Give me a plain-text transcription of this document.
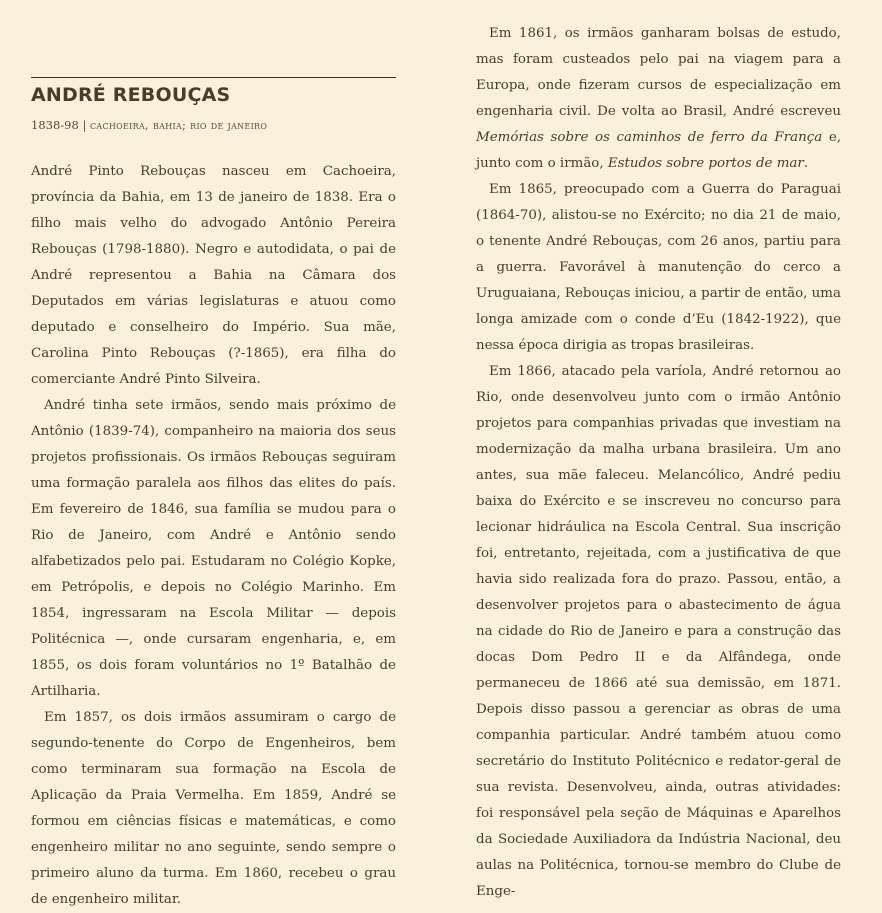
ANDRÉ REBOUÇAS
1838-98 | cachoeira, bahia; rio de janeiro

André Pinto Rebouças nasceu em Cachoeira, província da Bahia, em 13 de janeiro de 1838. Era o filho mais velho do advogado Antônio Pereira Rebouças (1798-1880). Negro e autodidata, o pai de André representou a Bahia na Câmara dos Deputados em várias legislaturas e atuou como deputado e conselheiro do Império. Sua mãe, Carolina Pinto Rebouças (?-1865), era filha do comerciante André Pinto Silveira.

André tinha sete irmãos, sendo mais próximo de Antônio (1839-74), companheiro na maioria dos seus projetos profissionais. Os irmãos Rebouças seguiram uma formação paralela aos filhos das elites do país. Em fevereiro de 1846, sua família se mudou para o Rio de Janeiro, com André e Antônio sendo alfabetizados pelo pai. Estudaram no Colégio Kopke, em Petrópolis, e depois no Colégio Marinho. Em 1854, ingressaram na Escola Militar — depois Politécnica —, onde cursaram engenharia, e, em 1855, os dois foram voluntários no 1º Batalhão de Artilharia.

Em 1857, os dois irmãos assumiram o cargo de segundo-tenente do Corpo de Engenheiros, bem como terminaram sua formação na Escola de Aplicação da Praia Vermelha. Em 1859, André se formou em ciências físicas e matemáticas, e como engenheiro militar no ano seguinte, sendo sempre o primeiro aluno da turma. Em 1860, recebeu o grau de engenheiro militar.

Em 1861, os irmãos ganharam bolsas de estudo, mas foram custeados pelo pai na viagem para a Europa, onde fizeram cursos de especialização em engenharia civil. De volta ao Brasil, André escreveu Memórias sobre os caminhos de ferro da França e, junto com o irmão, Estudos sobre portos de mar.

Em 1865, preocupado com a Guerra do Paraguai (1864-70), alistou-se no Exército; no dia 21 de maio, o tenente André Rebouças, com 26 anos, partiu para a guerra. Favorável à manutenção do cerco a Uruguaiana, Rebouças iniciou, a partir de então, uma longa amizade com o conde d’Eu (1842-1922), que nessa época dirigia as tropas brasileiras.

Em 1866, atacado pela varíola, André retornou ao Rio, onde desenvolveu junto com o irmão Antônio projetos para companhias privadas que investiam na modernização da malha urbana brasileira. Um ano antes, sua mãe faleceu. Melancólico, André pediu baixa do Exército e se inscreveu no concurso para lecionar hidráulica na Escola Central. Sua inscrição foi, entretanto, rejeitada, com a justificativa de que havia sido realizada fora do prazo. Passou, então, a desenvolver projetos para o abastecimento de água na cidade do Rio de Janeiro e para a construção das docas Dom Pedro II e da Alfândega, onde permaneceu de 1866 até sua demissão, em 1871. Depois disso passou a gerenciar as obras de uma companhia particular. André também atuou como secretário do Instituto Politécnico e redator-geral de sua revista. Desenvolveu, ainda, outras atividades: foi responsável pela seção de Máquinas e Aparelhos da Sociedade Auxiliadora da Indústria Nacional, deu aulas na Politécnica, tornou-se membro do Clube de Enge-
